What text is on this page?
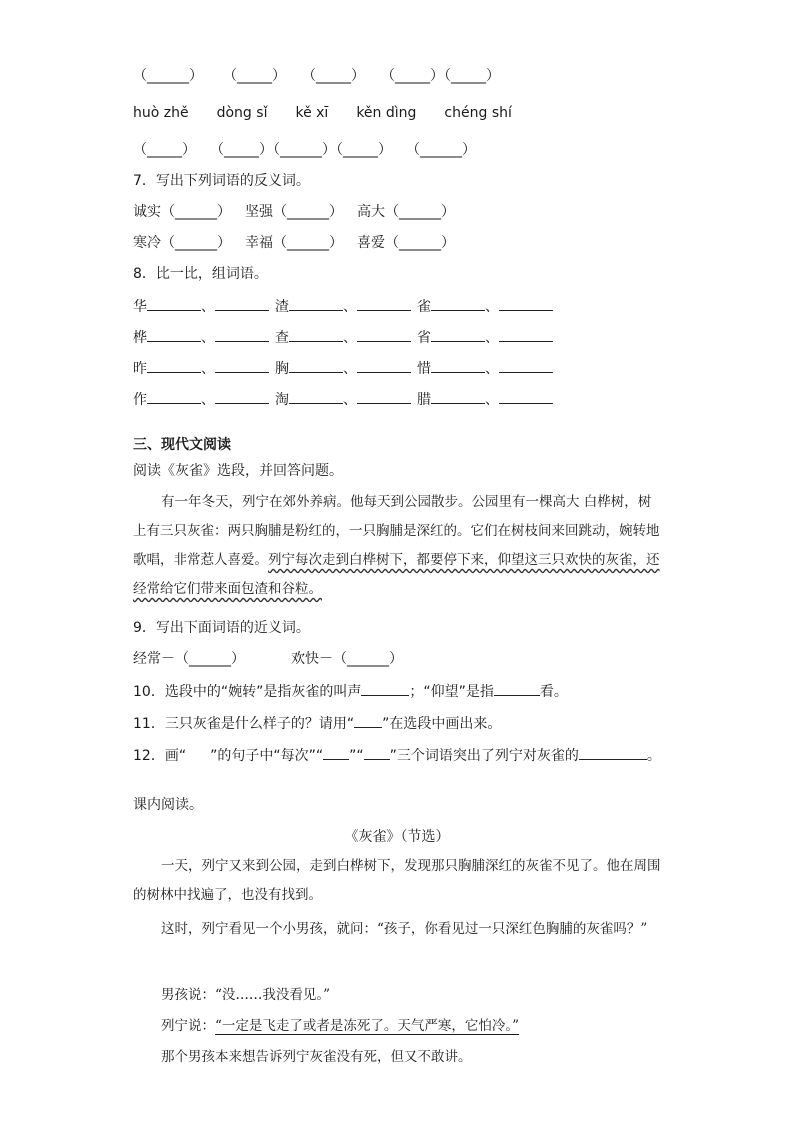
（______） （_____） （_____） （_____）（_____）
huò zhě dòng sǐ kě xī kěn dìng chéng shí
（_____） （_____）（______）（_____） （______）
7．写出下列词语的反义词。
诚实（______） 坚强（______） 高大（______）
寒冷（______） 幸福（______） 喜爱（______）
8．比一比，组词语。
华	、	渣	、	雀	、
桦	、	查	、	省	、
昨	、	胸	、	惜	、
作	、	淘	、	腊	、
三、现代文阅读
阅读《灰雀》选段，并回答问题。
有一年冬天，列宁在郊外养病。他每天到公园散步。公园里有一棵高大 白桦树，树上有三只灰雀：两只胸脯是粉红的，一只胸脯是深红的。它们在树枝间来回跳动，婉转地歌唱，非常惹人喜爱。列宁每次走到白桦树下，都要停下来，仰望这三只欢快的灰雀，还经常给它们带来面包渣和谷粒。
9．写出下面词语的近义词。
经常－（______）	欢快－（______）
10．选段中的“婉转”是指灰雀的叫声	；“仰望”是指	看。
11．三只灰雀是什么样子的？请用“ ”在选段中画出来。
12．画“ ”的句子中“每次”“ ”“ ”三个词语突出了列宁对灰雀的	。
课内阅读。
《灰雀》（节选）
一天，列宁又来到公园，走到白桦树下，发现那只胸脯深红的灰雀不见了。他在周围的树林中找遍了，也没有找到。
这时，列宁看见一个小男孩，就问：“孩子，你看见过一只深红色胸脯的灰雀吗？”
男孩说：“没……我没看见。”
列宁说：“一定是飞走了或者是冻死了。天气严寒，它怕冷。”
那个男孩本来想告诉列宁灰雀没有死，但又不敢讲。
